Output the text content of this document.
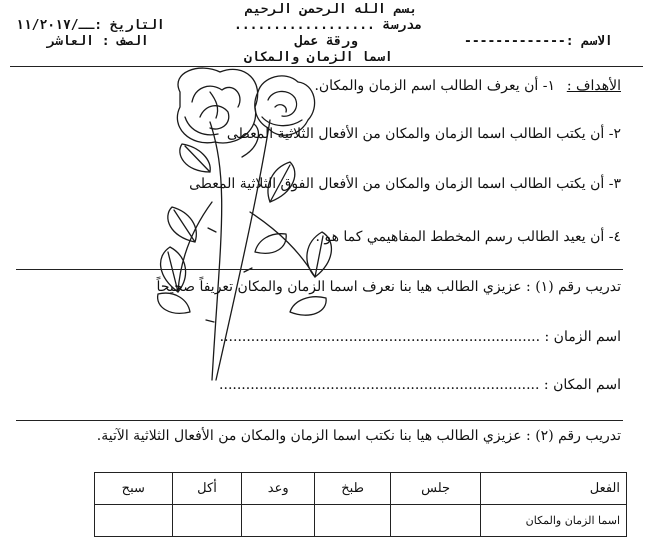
بسم الله الرحمن الرحيم
مدرسة ..................
التاريخ :ــ/١١/٢٠١٧
ورقة عمل	الاسم :-------------
الصف : العاشر
اسما الزمان والمكان
الأهداف :
١- أن يعرف الطالب اسم الزمان والمكان.
٢- أن يكتب الطالب اسما الزمان والمكان من الأفعال الثلاثية المعطى
٣- أن يكتب الطالب اسما الزمان والمكان من الأفعال الفوق الثلاثية المعطى
٤- أن يعيد الطالب رسم المخطط المفاهيمي كما هو .
تدريب رقم (١) : عزيزي الطالب هيا بنا نعرف اسما الزمان والمكان تعريفاً صحيحاً
اسم الزمان : ........................................................................
اسم المكان : ........................................................................
تدريب رقم (٢) : عزيزي الطالب هيا بنا نكتب اسما الزمان والمكان من الأفعال الثلاثية الآتية.
الفعل	جلس	طبخ	وعد	أكل	سبح
اسما الزمان والمكان					
